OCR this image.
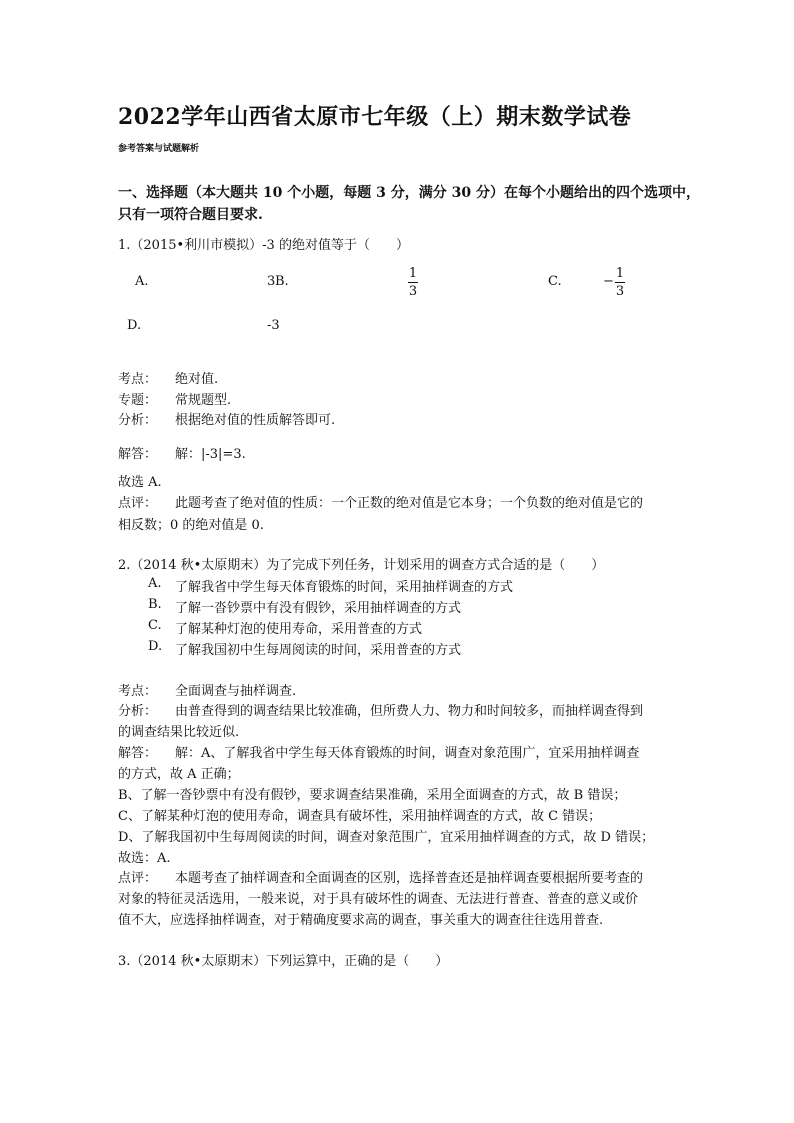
2022学年山西省太原市七年级（上）期末数学试卷
参考答案与试题解析
一、选择题（本大题共 10 个小题，每题 3 分，满分 30 分）在每个小题给出的四个选项中，
只有一项符合题目要求.
1.（2015•利川市模拟）-3 的绝对值等于（　　）
A.	3 B.
1
3
C.	−
1
3
D.	-3
考点： 绝对值.
专题： 常规题型.
分析： 根据绝对值的性质解答即可.
解答： 解：|-3|=3.
故选 A.
点评： 此题考查了绝对值的性质：一个正数的绝对值是它本身；一个负数的绝对值是它的
相反数；0 的绝对值是 0.
2.（2014 秋•太原期末）为了完成下列任务，计划采用的调查方式合适的是（　　）
A. 了解我省中学生每天体育锻炼的时间，采用抽样调查的方式
B. 了解一沓钞票中有没有假钞，采用抽样调查的方式
C. 了解某种灯泡的使用寿命，采用普查的方式
D. 了解我国初中生每周阅读的时间，采用普查的方式
考点： 全面调查与抽样调查.
分析： 由普查得到的调查结果比较准确，但所费人力、物力和时间较多，而抽样调查得到
的调查结果比较近似.
解答： 解：A、了解我省中学生每天体育锻炼的时间，调查对象范围广，宜采用抽样调查
的方式，故 A 正确；
B、了解一沓钞票中有没有假钞，要求调查结果准确，采用全面调查的方式，故 B 错误；
C、了解某种灯泡的使用寿命，调查具有破坏性，采用抽样调查的方式，故 C 错误；
D、了解我国初中生每周阅读的时间，调查对象范围广，宜采用抽样调查的方式，故 D 错误；
故选：A.
点评： 本题考查了抽样调查和全面调查的区别，选择普查还是抽样调查要根据所要考查的
对象的特征灵活选用，一般来说，对于具有破坏性的调查、无法进行普查、普查的意义或价
值不大，应选择抽样调查，对于精确度要求高的调查，事关重大的调查往往选用普查.
3.（2014 秋•太原期末）下列运算中，正确的是（　　）
